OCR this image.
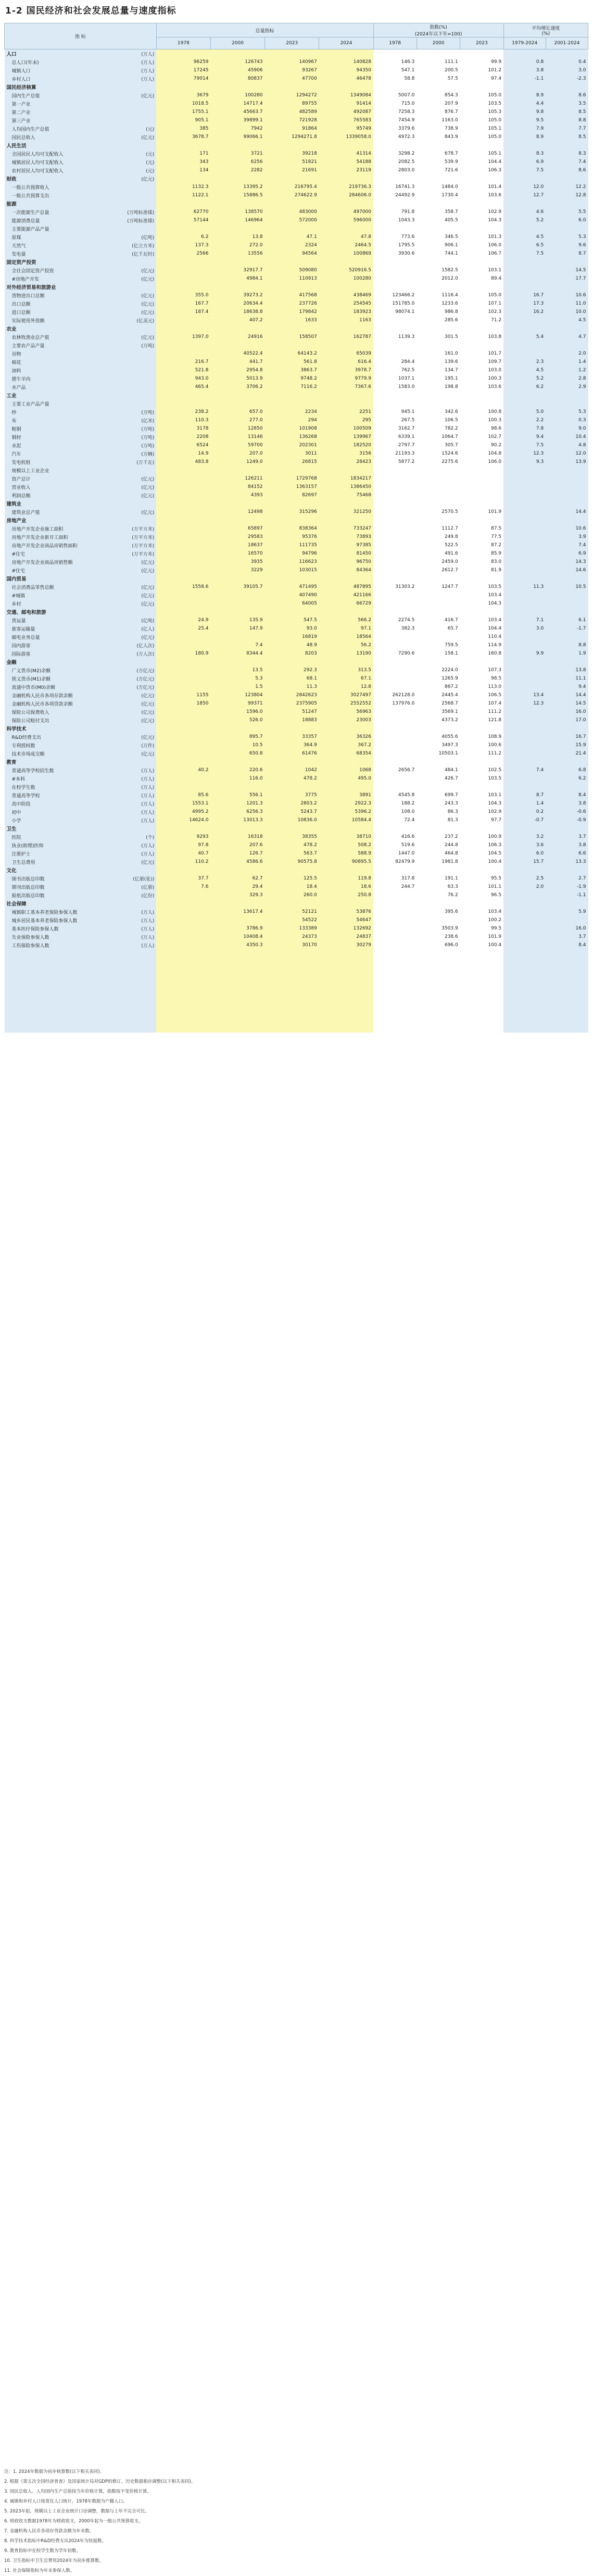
1-2 国民经济和社会发展总量与速度指标
指 标		总量指标				指数(%)
(2024年以下年=100)			平均增长速度
(%)	
		1978	2000	2023	2024	1978	2000	2023	1979-2024	2001-2024
人口	(万人)									
总人口(年末)	(万人)	96259	126743	140967	140828	146.3	111.1	99.9	0.8	0.4
城镇人口	(万人)	17245	45906	93267	94350	547.1	200.5	101.2	3.8	3.0
乡村人口	(万人)	79014	80837	47700	46478	58.8	57.5	97.4	-1.1	-2.3
国民经济核算										
国内生产总值	(亿元)	3679	100280	1294272	1349084	5007.0	854.3	105.0	8.9	8.6
第一产业		1018.5	14717.4	89755	91414	715.0	207.9	103.5	4.4	3.5
第二产业		1755.1	45663.7	482589	492087	7258.3	876.7	105.3	9.8	8.5
第三产业		905.1	39899.1	721928	765583	7454.9	1163.0	105.0	9.5	8.8
人均国内生产总值	(元)	385	7942	91864	95749	3379.6	738.9	105.1	7.9	7.7
国民总收入	(亿元)	3678.7	99066.1	1294271.8	1339058.0	4972.3	843.9	105.0	8.9	8.5
人民生活										
全国居民人均可支配收入	(元)	171	3721	39218	41314	3298.2	678.7	105.1	8.3	8.3
城镇居民人均可支配收入	(元)	343	6256	51821	54188	2082.5	539.9	104.4	6.9	7.4
农村居民人均可支配收入	(元)	134	2282	21691	23119	2803.0	721.6	106.3	7.5	8.6
财政	(亿元)									
一般公共预算收入		1132.3	13395.2	216795.4	219736.3	16741.3	1484.0	101.4	12.0	12.2
一般公共预算支出		1122.1	15886.5	274622.9	284606.0	24492.9	1730.4	103.6	12.7	12.8
能源										
一次能源生产总量	(万吨标准煤)	62770	138570	483000	497000	791.8	358.7	102.9	4.6	5.5
能源消费总量	(万吨标准煤)	57144	146964	572000	596000	1043.3	405.5	104.3	5.2	6.0
主要能源产品产量										
原煤	(亿吨)	6.2	13.8	47.1	47.8	773.6	346.5	101.3	4.5	5.3
天然气	(亿立方米)	137.3	272.0	2324	2464.5	1795.5	906.1	106.0	6.5	9.6
发电量	(亿千瓦时)	2566	13556	94564	100869	3930.6	744.1	106.7	7.5	8.7
固定资产投资										
全社会固定资产投资	(亿元)		32917.7	509080	520916.5		1582.5	103.1		14.5
#房地产开发	(亿元)		4984.1	110913	100280		2012.0	89.4		17.7
对外经济贸易和旅游业										
货物进出口总额	(亿元)	355.0	39273.2	417568	438469	123466.2	1116.4	105.0	16.7	10.6
出口总额	(亿元)	167.7	20634.4	237726	254545	151785.0	1233.6	107.1	17.3	11.0
进口总额	(亿元)	187.4	18638.8	179842	183923	98074.1	986.8	102.3	16.2	10.0
实际使用外资额	(亿美元)		407.2	1633	1163		285.6	71.2		4.5
农业										
农林牧渔业总产值	(亿元)	1397.0	24916	158507	162787	1139.3	301.5	103.8	5.4	4.7
主要农产品产量	(万吨)									
谷物			40522.4	64143.2	65039		161.0	101.7		2.0
棉花		216.7	441.7	561.8	616.4	284.4	139.6	109.7	2.3	1.4
油料		521.8	2954.8	3863.7	3978.7	762.5	134.7	103.0	4.5	1.2
猪牛羊肉		943.0	5013.9	9748.2	9779.9	1037.1	195.1	100.3	5.2	2.8
水产品		465.4	3706.2	7116.2	7367.6	1583.0	198.8	103.6	6.2	2.9
工业										
主要工业产品产量										
纱	(万吨)	238.2	657.0	2234	2251	945.1	342.6	100.8	5.0	5.3
布	(亿米)	110.3	277.0	294	295	267.5	106.5	100.3	2.2	0.3
粗钢	(万吨)	3178	12850	101908	100509	3162.7	782.2	98.6	7.8	9.0
钢材	(万吨)	2208	13146	136268	139967	6339.1	1064.7	102.7	9.4	10.4
水泥	(万吨)	6524	59700	202301	182520	2797.7	305.7	90.2	7.5	4.8
汽车	(万辆)	14.9	207.0	3011	3156	21193.3	1524.6	104.8	12.3	12.0
发电机组	(万千瓦)	483.8	1249.0	26815	28423	5877.2	2275.6	106.0	9.3	13.9
规模以上工业企业										
资产总计	(亿元)		126211	1729768	1834217					
营业收入	(亿元)		84152	1363157	1386450					
利润总额	(亿元)		4393	82697	75468					
建筑业										
建筑业总产值	(亿元)		12498	315296	321250		2570.5	101.9		14.4
房地产业										
房地产开发企业施工面积	(万平方米)		65897	838364	733247		1112.7	87.5		10.6
房地产开发企业新开工面积	(万平方米)		29583	95376	73893		249.8	77.5		3.9
房地产开发企业商品房销售面积	(万平方米)		18637	111735	97385		522.5	87.2		7.4
#住宅	(万平方米)		16570	94796	81450		491.6	85.9		6.9
房地产开发企业商品房销售额	(亿元)		3935	116623	96750		2459.0	83.0		14.3
#住宅	(亿元)		3229	103015	84364		2612.7	81.9		14.6
国内贸易										
社会消费品零售总额	(亿元)	1558.6	39105.7	471495	487895	31303.2	1247.7	103.5	11.3	10.5
#城镇	(亿元)			407490	421166			103.4		
乡村	(亿元)			64005	66729			104.3		
交通、邮电和旅游										
货运量	(亿吨)	24.9	135.9	547.5	566.2	2274.5	416.7	103.4	7.1	6.1
旅客运输量	(亿人)	25.4	147.9	93.0	97.1	382.3	65.7	104.4	3.0	-1.7
邮电业务总量	(亿元)			16819	18564			110.4		
国内游客	(亿人次)		7.4	48.9	56.2		759.5	114.9		8.8
国际游客	(万人次)	180.9	8344.4	8203	13190	7290.6	158.1	160.8	9.9	1.9
金融										
广义货币(M2)余额	(万亿元)		13.5	292.3	313.5		2224.0	107.3		13.8
狭义货币(M1)余额	(万亿元)		5.3	68.1	67.1		1265.9	98.5		11.1
流通中货币(M0)余额	(万亿元)		1.5	11.3	12.8		867.2	113.0		9.4
金融机构人民币各项存款余额	(亿元)	1155	123804	2842623	3027497	262128.0	2445.4	106.5	13.4	14.4
金融机构人民币各项贷款余额	(亿元)	1850	99371	2375905	2552552	137976.0	2568.7	107.4	12.3	14.5
保险公司保费收入	(亿元)		1596.0	51247	56963		3569.1	111.2		16.0
保险公司赔付支出	(亿元)		526.0	18883	23003		4373.2	121.8		17.0
科学技术										
R&D经费支出	(亿元)		895.7	33357	36326		4055.6	108.9		16.7
专利授权数	(万件)		10.5	364.9	367.2		3497.3	100.6		15.9
技术市场成交额	(亿元)		650.8	61476	68354		10503.1	111.2		21.4
教育										
普通高等学校招生数	(万人)	40.2	220.6	1042	1068	2656.7	484.1	102.5	7.4	6.8
#本科	(万人)		116.0	478.2	495.0		426.7	103.5		6.2
在校学生数	(万人)									
普通高等学校	(万人)	85.6	556.1	3775	3891	4545.8	699.7	103.1	8.7	8.4
高中阶段	(万人)	1553.1	1201.3	2803.2	2922.3	188.2	243.3	104.3	1.4	3.8
初中	(万人)	4995.2	6256.3	5243.7	5396.2	108.0	86.3	102.9	0.2	-0.6
小学	(万人)	14624.0	13013.3	10836.0	10584.4	72.4	81.3	97.7	-0.7	-0.9
卫生										
医院	(个)	9293	16318	38355	38710	416.6	237.2	100.9	3.2	3.7
执业(助理)医师	(万人)	97.8	207.6	478.2	508.2	519.6	244.8	106.3	3.6	3.8
注册护士	(万人)	40.7	126.7	563.7	588.9	1447.0	464.8	104.5	6.0	6.6
卫生总费用	(亿元)	110.2	4586.6	90575.8	90895.5	82479.9	1981.8	100.4	15.7	13.3
文化										
图书出版总印数	(亿册(张))	37.7	62.7	125.5	119.8	317.8	191.1	95.5	2.5	2.7
期刊出版总印数	(亿册)	7.6	29.4	18.4	18.6	244.7	63.3	101.1	2.0	-1.9
报纸出版总印数	(亿份)		329.3	260.0	250.8		76.2	96.5		-1.1
社会保障										
城镇职工基本养老保险参保人数	(万人)		13617.4	52121	53876		395.6	103.4		5.9
城乡居民基本养老保险参保人数	(万人)			54522	54647			100.2		
基本医疗保险参保人数	(万人)		3786.9	133389	132692		3503.9	99.5		16.0
失业保险参保人数	(万人)		10408.4	24373	24837		238.6	101.9		3.7
工伤保险参保人数	(万人)		4350.3	30170	30279		696.0	100.4		8.4

注：1. 2024年数据为初步核算数(以下相关表同)。
2. 根据《第五次全国经济普查》及国家统计局对GDP的修订，历史数据相应调整(以下相关表同)。
3. 国民总收入、人均国内生产总值按当年价格计算，指数按不变价格计算。
4. 城镇和乡村人口按常住人口统计，1978年数据为户籍人口。
5. 2023年起，规模以上工业企业统计口径调整，数据与上年不完全可比。
6. 财政收支数据1978年为财政收支，2000年起为一般公共预算收支。
7. 金融机构人民币各项存贷款余额为年末数。
8. 科学技术指标中R&D经费支出2024年为快报数。
9. 教育指标中在校学生数为学年初数。
10. 卫生指标中卫生总费用2024年为初步推算数。
11. 社会保障指标为年末参保人数。
